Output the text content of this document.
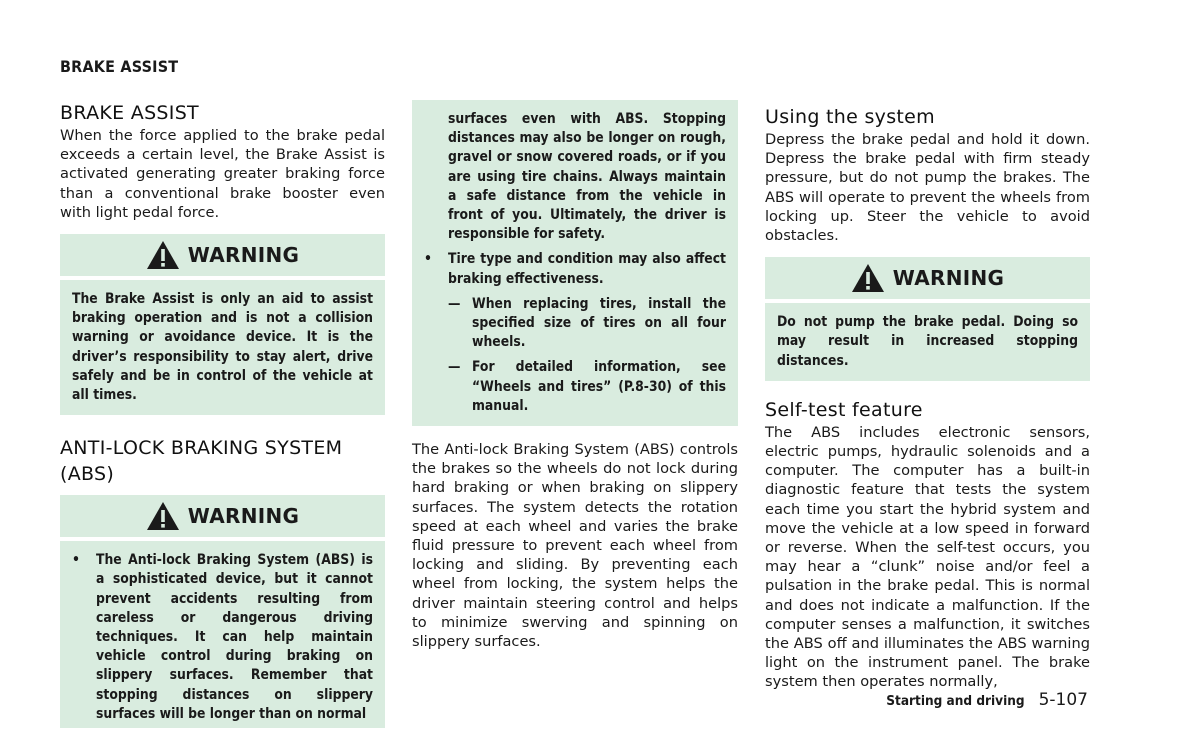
BRAKE ASSIST
BRAKE ASSIST

When the force applied to the brake pedal exceeds a certain level, the Brake Assist is activated generating greater braking force than a conventional brake booster even with light pedal force.

WARNING
The Brake Assist is only an aid to assist braking operation and is not a collision warning or avoidance device. It is the driver’s responsibility to stay alert, drive safely and be in control of the vehicle at all times.
ANTI-LOCK BRAKING SYSTEM (ABS)
WARNING
• The Anti-lock Braking System (ABS) is a sophisticated device, but it cannot prevent accidents resulting from careless or dangerous driving techniques. It can help maintain vehicle control during braking on slippery surfaces. Remember that stopping distances on slippery surfaces will be longer than on normal
surfaces even with ABS. Stopping distances may also be longer on rough, gravel or snow covered roads, or if you are using tire chains. Always maintain a safe distance from the vehicle in front of you. Ultimately, the driver is responsible for safety.
• Tire type and condition may also affect braking effectiveness.
— When replacing tires, install the specified size of tires on all four wheels.
— For detailed information, see “Wheels and tires” (P.8-30) of this manual.

The Anti-lock Braking System (ABS) controls the brakes so the wheels do not lock during hard braking or when braking on slippery surfaces. The system detects the rotation speed at each wheel and varies the brake fluid pressure to prevent each wheel from locking and sliding. By preventing each wheel from locking, the system helps the driver maintain steering control and helps to minimize swerving and spinning on slippery surfaces.

Using the system

Depress the brake pedal and hold it down. Depress the brake pedal with firm steady pressure, but do not pump the brakes. The ABS will operate to prevent the wheels from locking up. Steer the vehicle to avoid obstacles.

WARNING
Do not pump the brake pedal. Doing so may result in increased stopping distances.
Self-test feature

The ABS includes electronic sensors, electric pumps, hydraulic solenoids and a computer. The computer has a built-in diagnostic feature that tests the system each time you start the hybrid system and move the vehicle at a low speed in forward or reverse. When the self-test occurs, you may hear a “clunk” noise and/or feel a pulsation in the brake pedal. This is normal and does not indicate a malfunction. If the computer senses a malfunction, it switches the ABS off and illuminates the ABS warning light on the instrument panel. The brake system then operates normally,

Starting and driving 5-107
